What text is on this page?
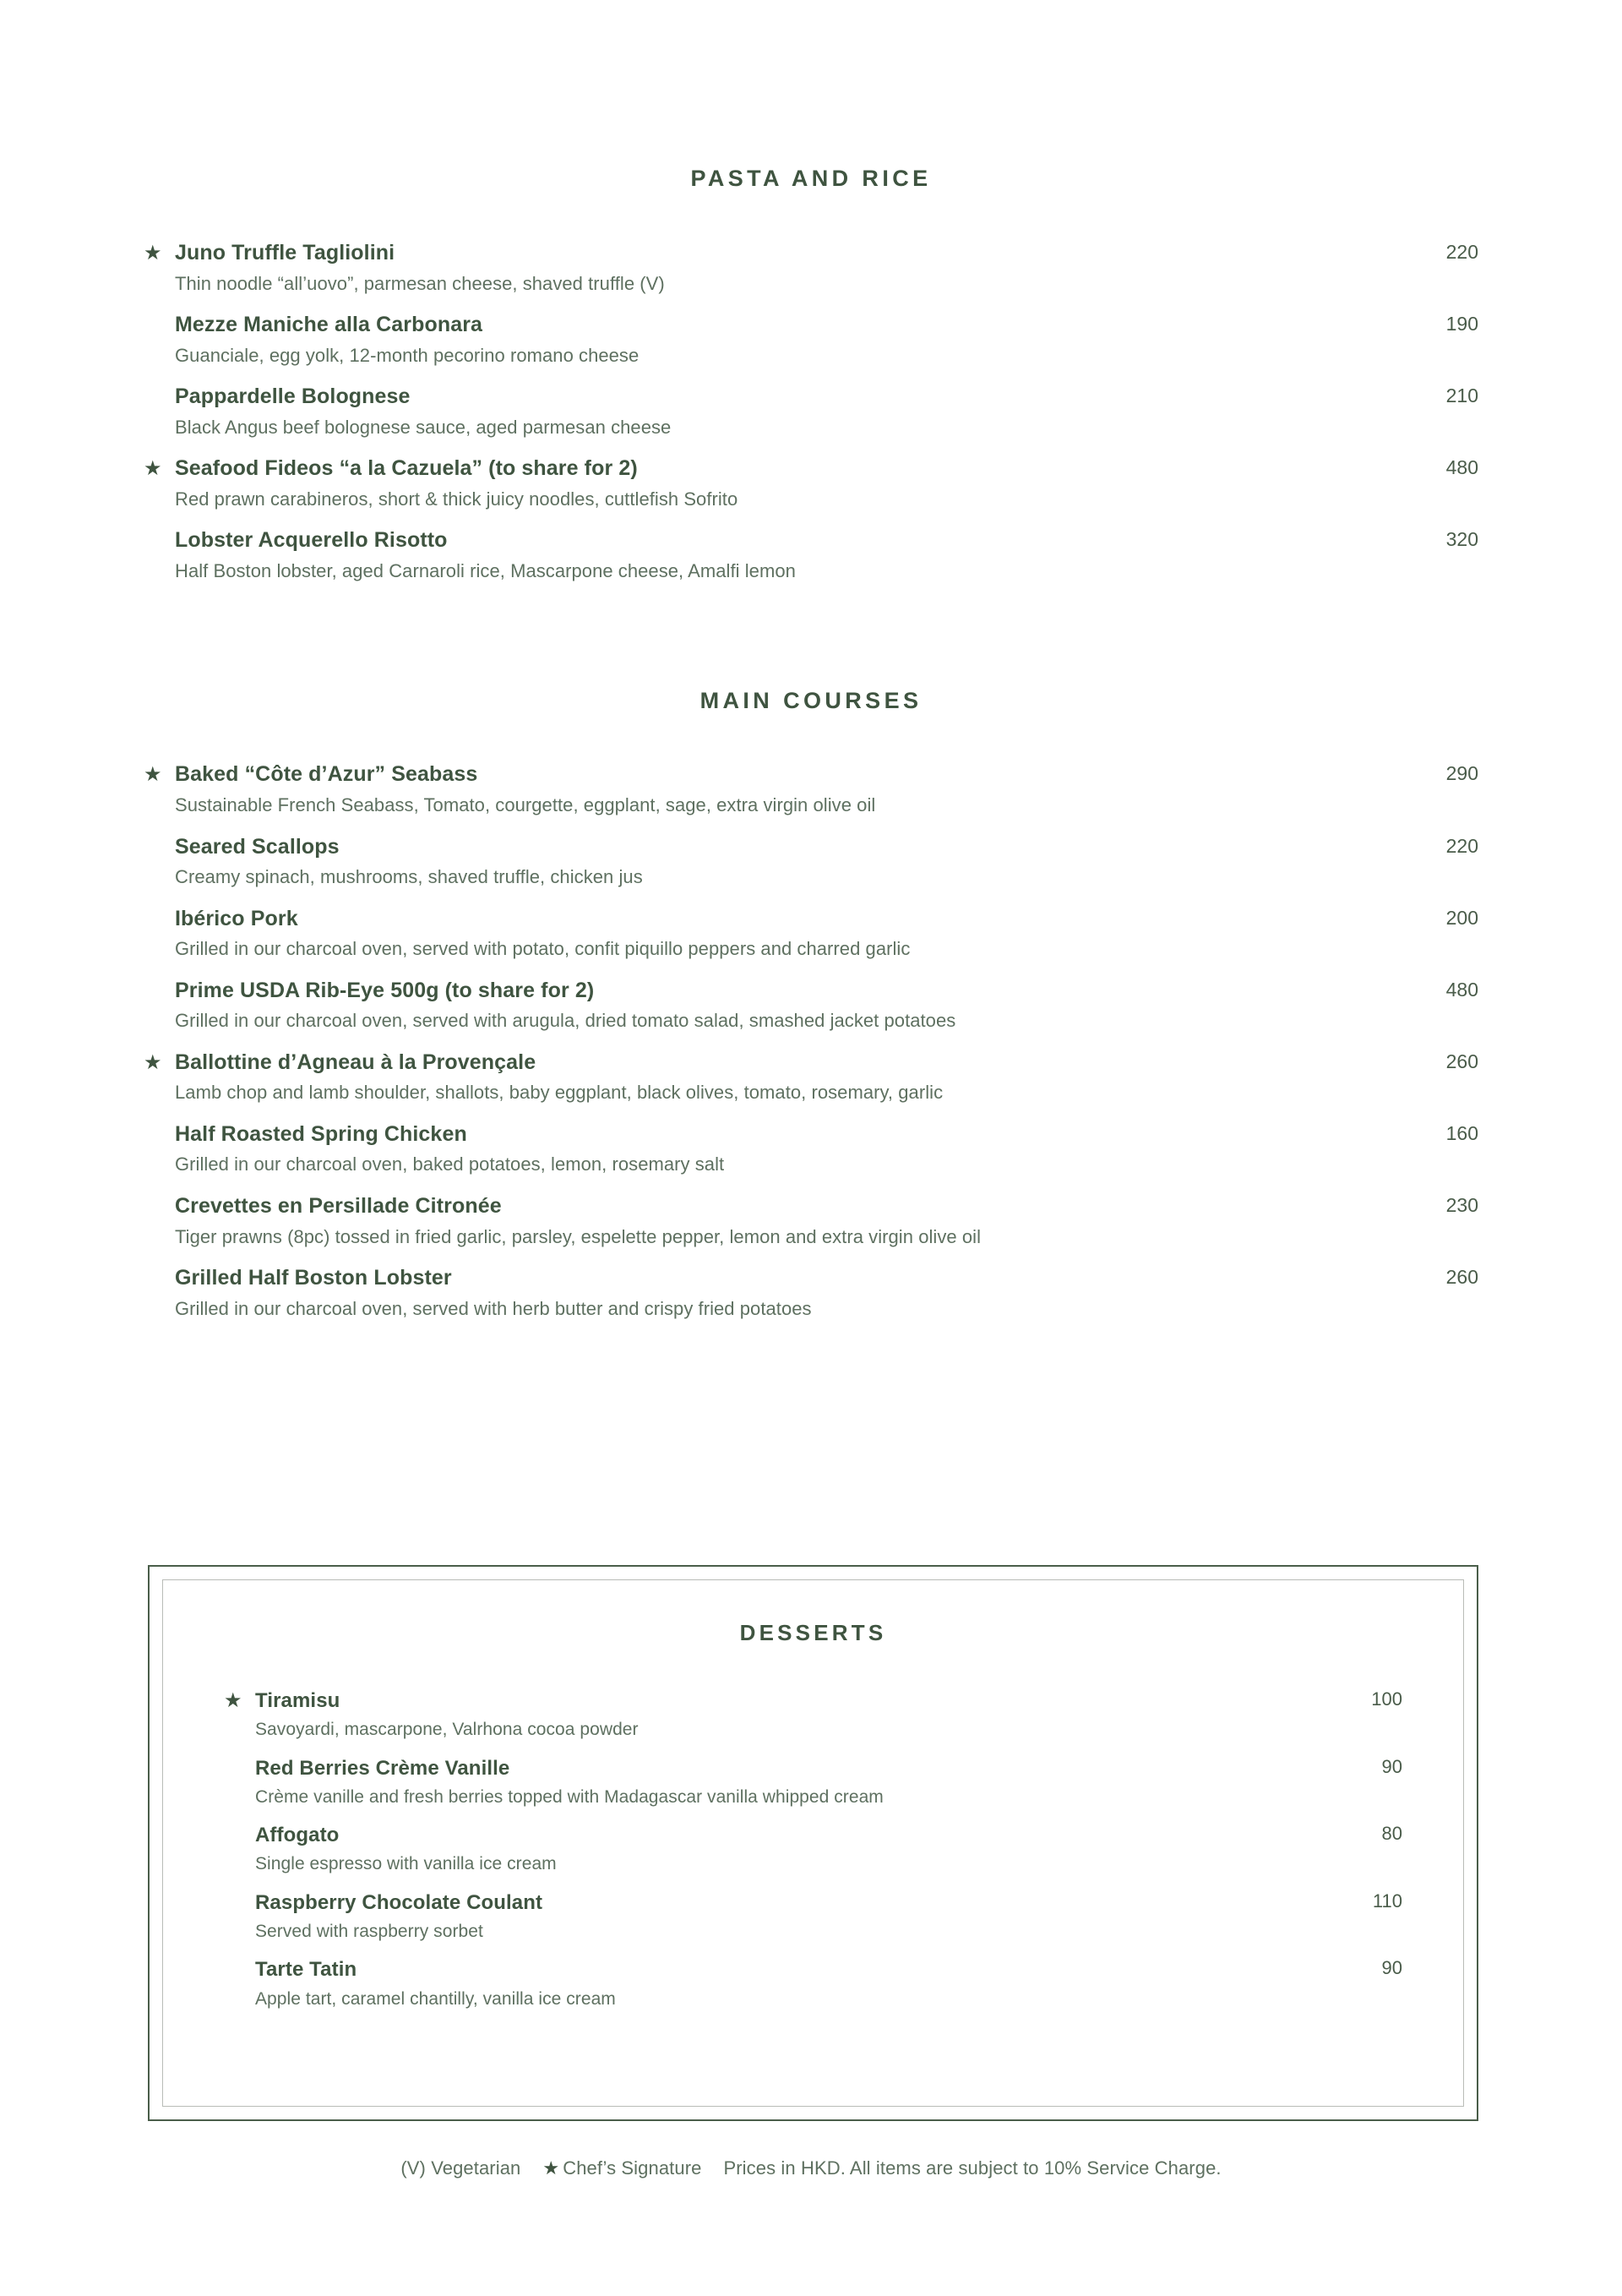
PASTA AND RICE
★ Juno Truffle Tagliolini	220
Thin noodle “all’uovo”, parmesan cheese, shaved truffle (V)
Mezze Maniche alla Carbonara	190
Guanciale, egg yolk, 12-month pecorino romano cheese
Pappardelle Bolognese	210
Black Angus beef bolognese sauce, aged parmesan cheese
★ Seafood Fideos “a la Cazuela” (to share for 2)	480
Red prawn carabineros, short & thick juicy noodles, cuttlefish Sofrito
Lobster Acquerello Risotto	320
Half Boston lobster, aged Carnaroli rice, Mascarpone cheese, Amalfi lemon
MAIN COURSES
★ Baked “Côte d’Azur” Seabass	290
Sustainable French Seabass, Tomato, courgette, eggplant, sage, extra virgin olive oil
Seared Scallops	220
Creamy spinach, mushrooms, shaved truffle, chicken jus
Ibérico Pork	200
Grilled in our charcoal oven, served with potato, confit piquillo peppers and charred garlic
Prime USDA Rib-Eye 500g (to share for 2)	480
Grilled in our charcoal oven, served with arugula, dried tomato salad, smashed jacket potatoes
★ Ballottine d’Agneau à la Provençale	260
Lamb chop and lamb shoulder, shallots, baby eggplant, black olives, tomato, rosemary, garlic
Half Roasted Spring Chicken	160
Grilled in our charcoal oven, baked potatoes, lemon, rosemary salt
Crevettes en Persillade Citronée	230
Tiger prawns (8pc) tossed in fried garlic, parsley, espelette pepper, lemon and extra virgin olive oil
Grilled Half Boston Lobster	260
Grilled in our charcoal oven, served with herb butter and crispy fried potatoes
DESSERTS
★ Tiramisu	100
Savoyardi, mascarpone, Valrhona cocoa powder
Red Berries Crème Vanille	90
Crème vanille and fresh berries topped with Madagascar vanilla whipped cream
Affogato	80
Single espresso with vanilla ice cream
Raspberry Chocolate Coulant	110
Served with raspberry sorbet
Tarte Tatin	90
Apple tart, caramel chantilly, vanilla ice cream
(V) Vegetarian ★ Chef’s Signature Prices in HKD. All items are subject to 10% Service Charge.
